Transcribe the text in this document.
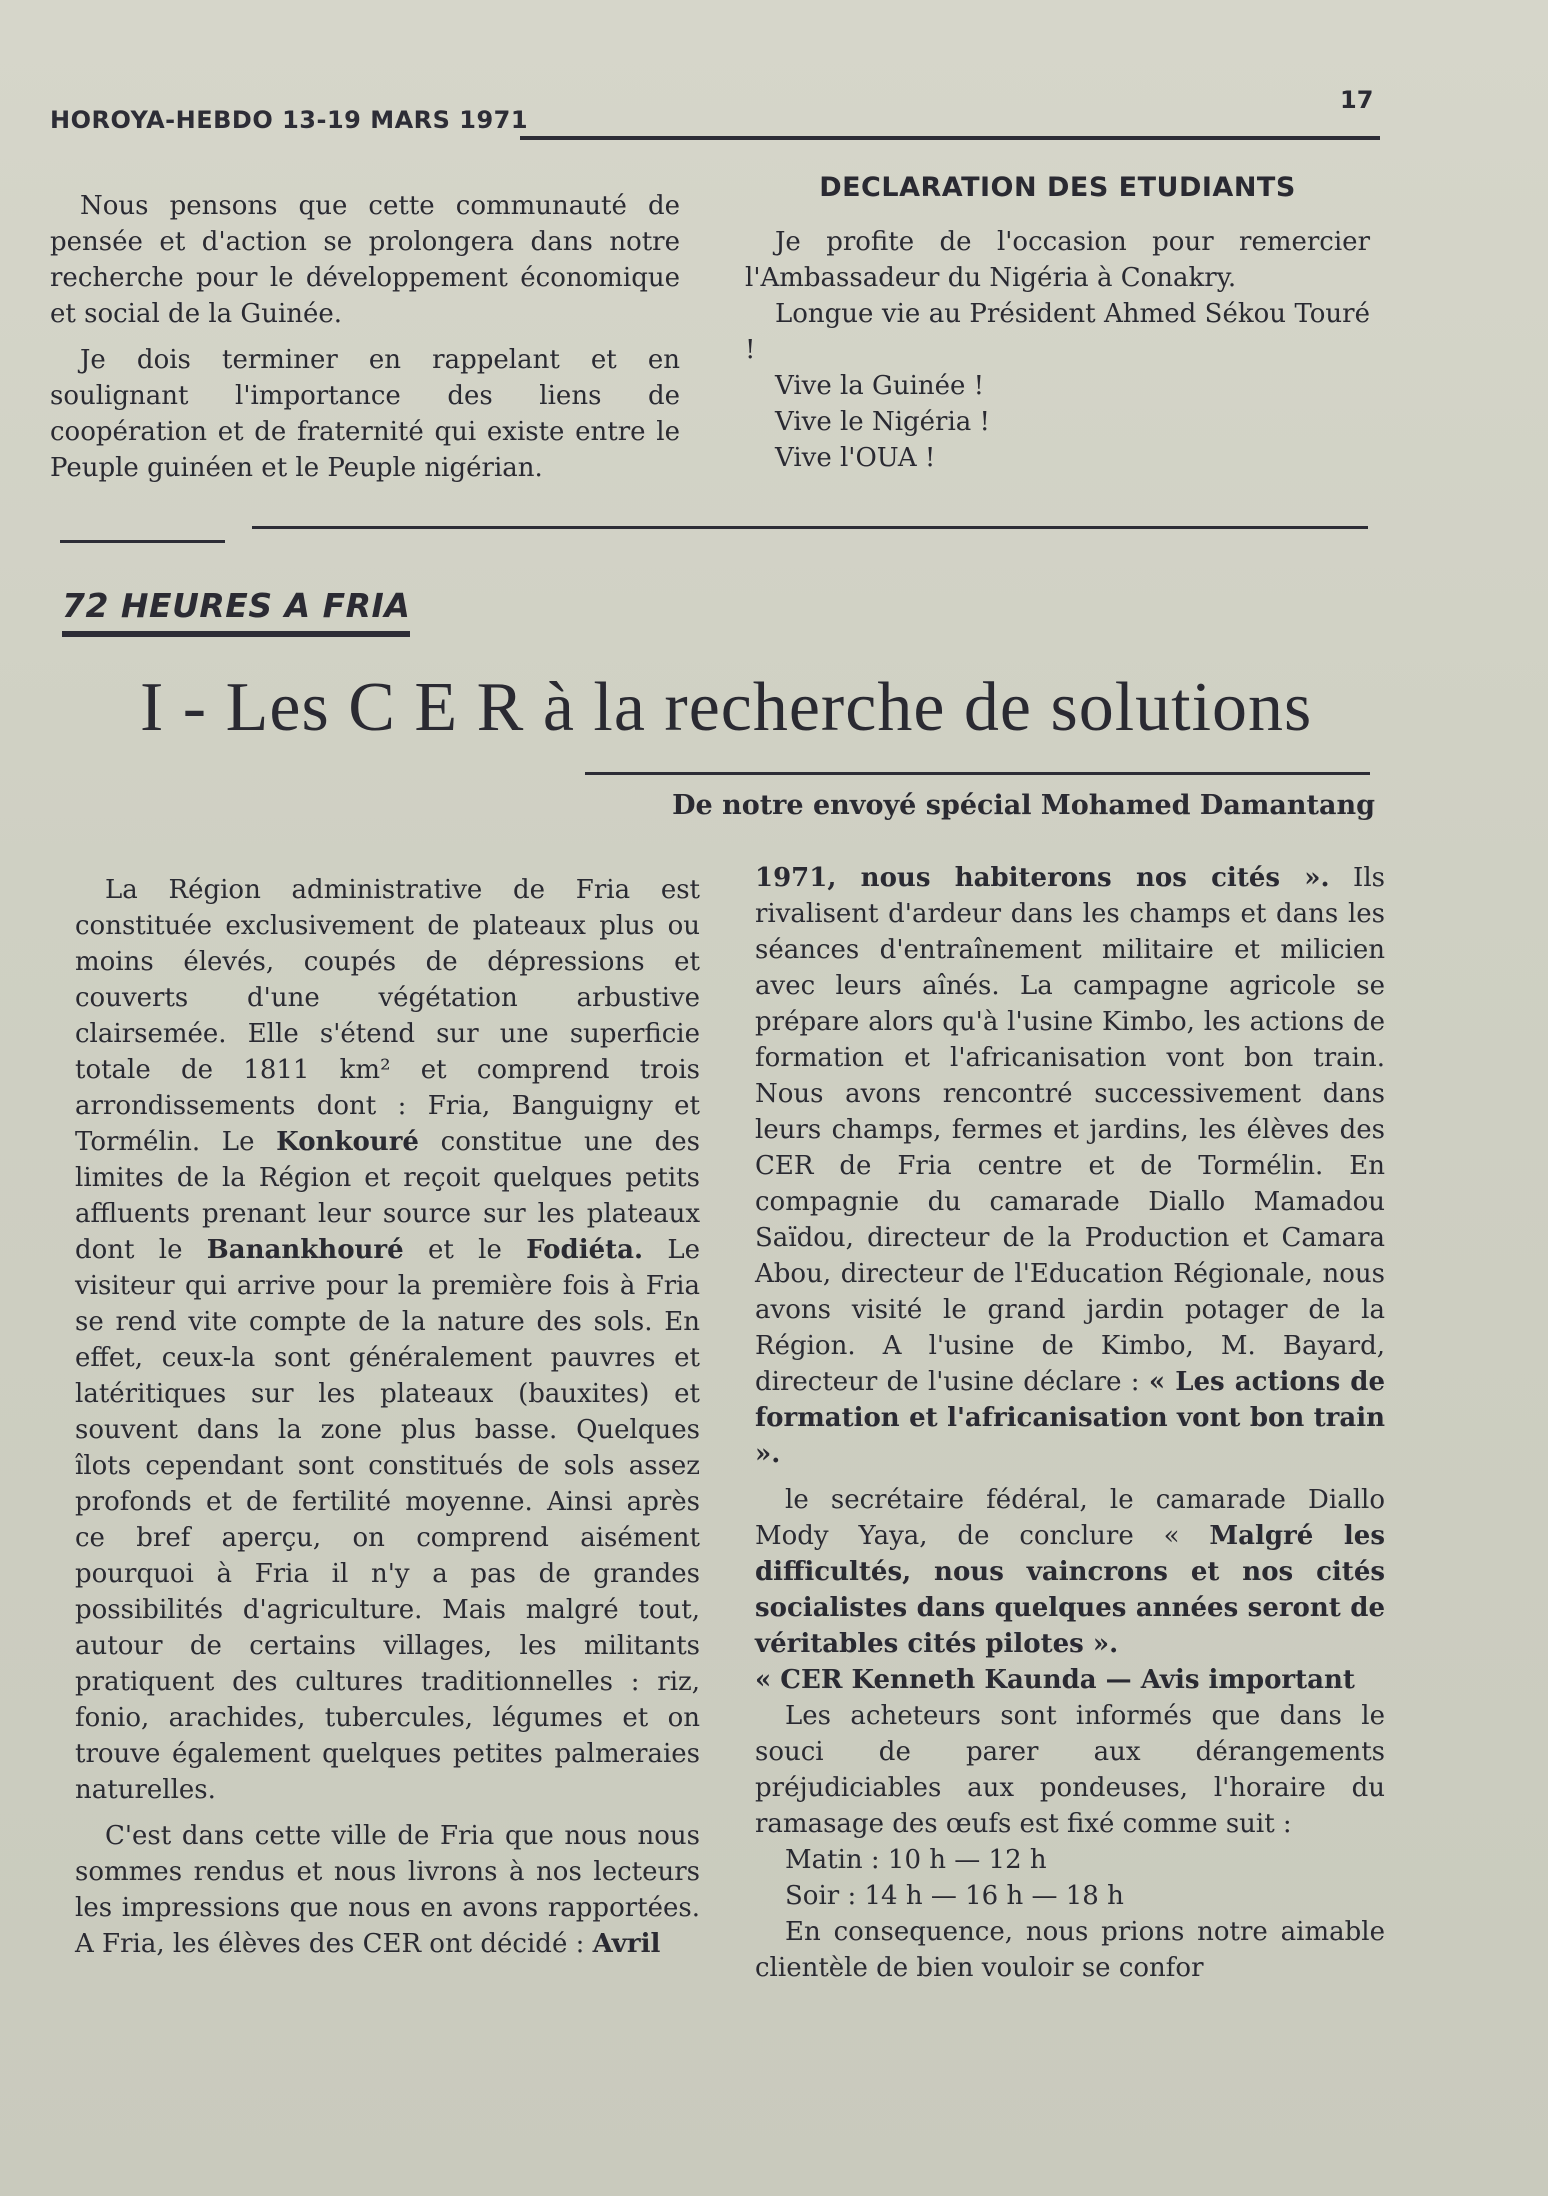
HOROYA-HEBDO 13-19 MARS 1971
17

Nous pensons que cette communauté de pensée et d'action se prolongera dans notre recherche pour le développement économique et social de la Guinée.

Je dois terminer en rappelant et en soulignant l'importance des liens de coopération et de fraternité qui existe entre le Peuple guinéen et le Peuple nigérian.

DECLARATION DES ETUDIANTS

Je profite de l'occasion pour remercier l'Ambassadeur du Nigéria à Conakry.

Longue vie au Président Ahmed Sékou Touré !

Vive la Guinée !

Vive le Nigéria !

Vive l'OUA !

72 HEURES A FRIA
I - Les C E R à la recherche de solutions
De notre envoyé spécial Mohamed Damantang

La Région administrative de Fria est constituée exclusivement de plateaux plus ou moins élevés, coupés de dépressions et couverts d'une végétation arbustive clairsemée. Elle s'étend sur une superficie totale de 1811 km² et comprend trois arrondissements dont : Fria, Banguigny et Tormélin. Le Konkouré constitue une des limites de la Région et reçoit quelques petits affluents prenant leur source sur les plateaux dont le Banankhouré et le Fodiéta. Le visiteur qui arrive pour la première fois à Fria se rend vite compte de la nature des sols. En effet, ceux-la sont généralement pauvres et latéritiques sur les plateaux (bauxites) et souvent dans la zone plus basse. Quelques îlots cependant sont constitués de sols assez profonds et de fertilité moyenne. Ainsi après ce bref aperçu, on comprend aisément pourquoi à Fria il n'y a pas de grandes possibilités d'agriculture. Mais malgré tout, autour de certains villages, les militants pratiquent des cultures traditionnelles : riz, fonio, arachides, tubercules, légumes et on trouve également quelques petites palmeraies naturelles.

C'est dans cette ville de Fria que nous nous sommes rendus et nous livrons à nos lecteurs les impressions que nous en avons rapportées. A Fria, les élèves des CER ont décidé : Avril

1971, nous habiterons nos cités ». Ils rivalisent d'ardeur dans les champs et dans les séances d'entraînement militaire et milicien avec leurs aînés. La campagne agricole se prépare alors qu'à l'usine Kimbo, les actions de formation et l'africanisation vont bon train. Nous avons rencontré successivement dans leurs champs, fermes et jardins, les élèves des CER de Fria centre et de Tormélin. En compagnie du camarade Diallo Mamadou Saïdou, directeur de la Production et Camara Abou, directeur de l'Education Régionale, nous avons visité le grand jardin potager de la Région. A l'usine de Kimbo, M. Bayard, directeur de l'usine déclare : « Les actions de formation et l'africanisation vont bon train ».

le secrétaire fédéral, le camarade Diallo Mody Yaya, de conclure « Malgré les difficultés, nous vaincrons et nos cités socialistes dans quelques années seront de véritables cités pilotes ».

« CER Kenneth Kaunda — Avis important

Les acheteurs sont informés que dans le souci de parer aux dérangements préjudiciables aux pondeuses, l'horaire du ramasage des œufs est fixé comme suit :

Matin : 10 h — 12 h

Soir : 14 h — 16 h — 18 h

En consequence, nous prions notre aimable clientèle de bien vouloir se confor
